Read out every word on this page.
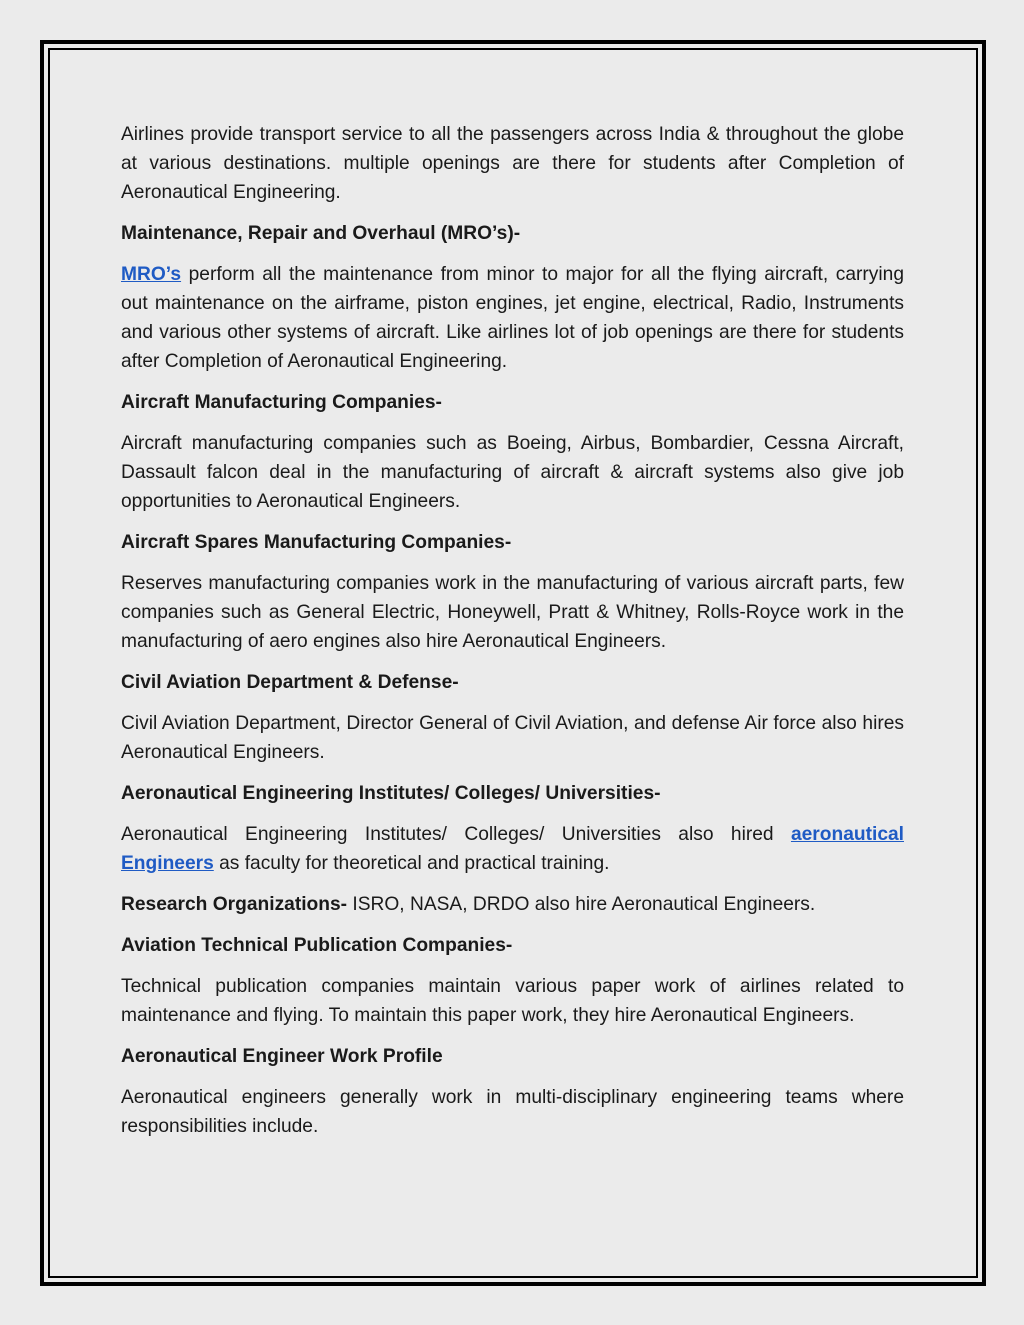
Airlines provide transport service to all the passengers across India & throughout the globe at various destinations. multiple openings are there for students after Completion of Aeronautical Engineering.

Maintenance, Repair and Overhaul (MRO’s)-

MRO’s perform all the maintenance from minor to major for all the flying aircraft, carrying out maintenance on the airframe, piston engines, jet engine, electrical, Radio, Instruments and various other systems of aircraft. Like airlines lot of job openings are there for students after Completion of Aeronautical Engineering.

Aircraft Manufacturing Companies-

Aircraft manufacturing companies such as Boeing, Airbus, Bombardier, Cessna Aircraft, Dassault falcon deal in the manufacturing of aircraft & aircraft systems also give job opportunities to Aeronautical Engineers.

Aircraft Spares Manufacturing Companies-

Reserves manufacturing companies work in the manufacturing of various aircraft parts, few companies such as General Electric, Honeywell, Pratt & Whitney, Rolls-Royce work in the manufacturing of aero engines also hire Aeronautical Engineers.

Civil Aviation Department & Defense-

Civil Aviation Department, Director General of Civil Aviation, and defense Air force also hires Aeronautical Engineers.

Aeronautical Engineering Institutes/ Colleges/ Universities-

Aeronautical Engineering Institutes/ Colleges/ Universities also hired aeronautical Engineers as faculty for theoretical and practical training.

Research Organizations- ISRO, NASA, DRDO also hire Aeronautical Engineers.

Aviation Technical Publication Companies-

Technical publication companies maintain various paper work of airlines related to maintenance and flying. To maintain this paper work, they hire Aeronautical Engineers.

Aeronautical Engineer Work Profile

Aeronautical engineers generally work in multi-disciplinary engineering teams where responsibilities include.
